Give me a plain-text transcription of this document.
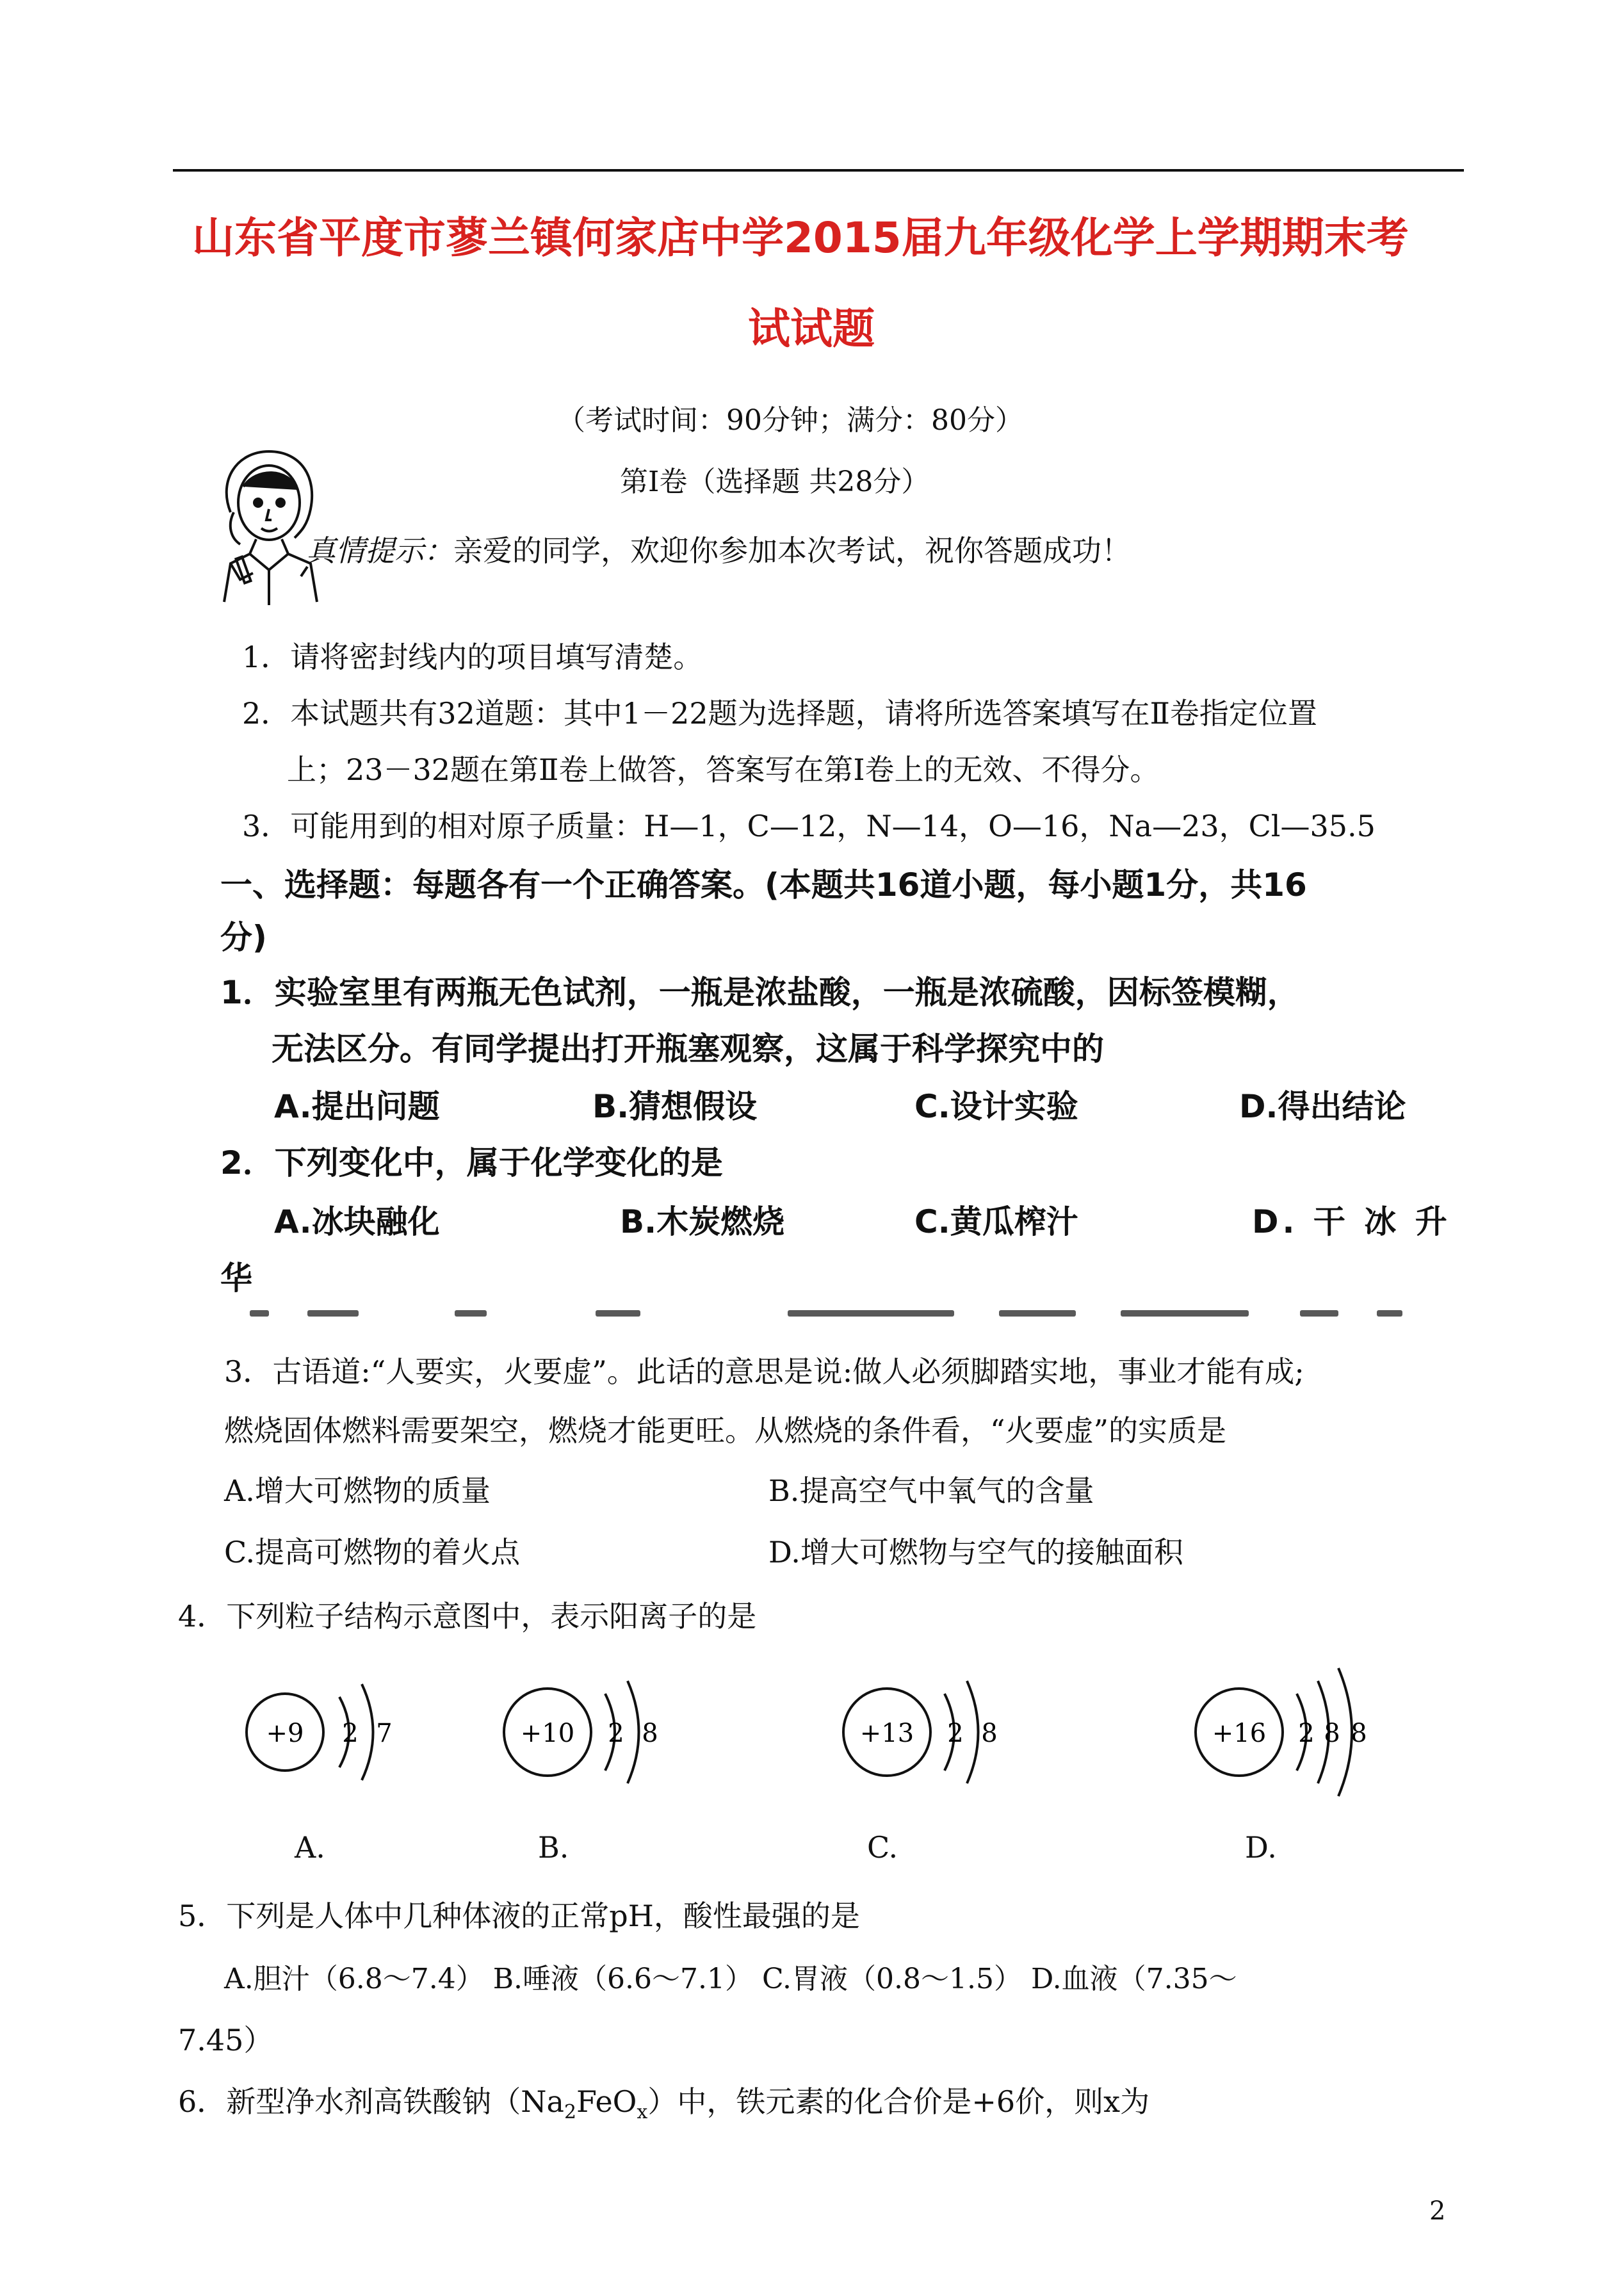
山东省平度市蓼兰镇何家店中学2015届九年级化学上学期期末考
试试题
（考试时间：90分钟；满分：80分）
第Ⅰ卷（选择题 共28分）
真情提示：亲爱的同学，欢迎你参加本次考试，祝你答题成功！
1．请将密封线内的项目填写清楚。
2．本试题共有32道题：其中1－22题为选择题，请将所选答案填写在Ⅱ卷指定位置
上；23－32题在第Ⅱ卷上做答，答案写在第Ⅰ卷上的无效、不得分。
3．可能用到的相对原子质量：H—1，C—12，N—14，O—16，Na—23，Cl—35.5
一、选择题：每题各有一个正确答案。(本题共16道小题，每小题1分，共16
分)
1．实验室里有两瓶无色试剂，一瓶是浓盐酸，一瓶是浓硫酸，因标签模糊，
无法区分。有同学提出打开瓶塞观察，这属于科学探究中的
A.提出问题	B.猜想假设	C.设计实验	D.得出结论
2．下列变化中，属于化学变化的是
A.冰块融化	B.木炭燃烧	C.黄瓜榨汁	D. 干 冰 升
华
3．古语道:“人要实，火要虚”。此话的意思是说:做人必须脚踏实地，事业才能有成;
燃烧固体燃料需要架空，燃烧才能更旺。从燃烧的条件看，“火要虚”的实质是
A.增大可燃物的质量	B.提高空气中氧气的含量
C.提高可燃物的着火点	D.增大可燃物与空气的接触面积
4．下列粒子结构示意图中，表示阳离子的是
+9 2 7	+10 2 8	+13 2 8	+16 2 8 8
A.	B.	C.	D.
5．下列是人体中几种体液的正常pH，酸性最强的是
A.胆汁（6.8～7.4） B.唾液（6.6～7.1） C.胃液（0.8～1.5） D.血液（7.35～
7.45）
6．新型净水剂高铁酸钠$(Na_2FeO_x)$中，铁元素的化合价是+6价，则x为
2
